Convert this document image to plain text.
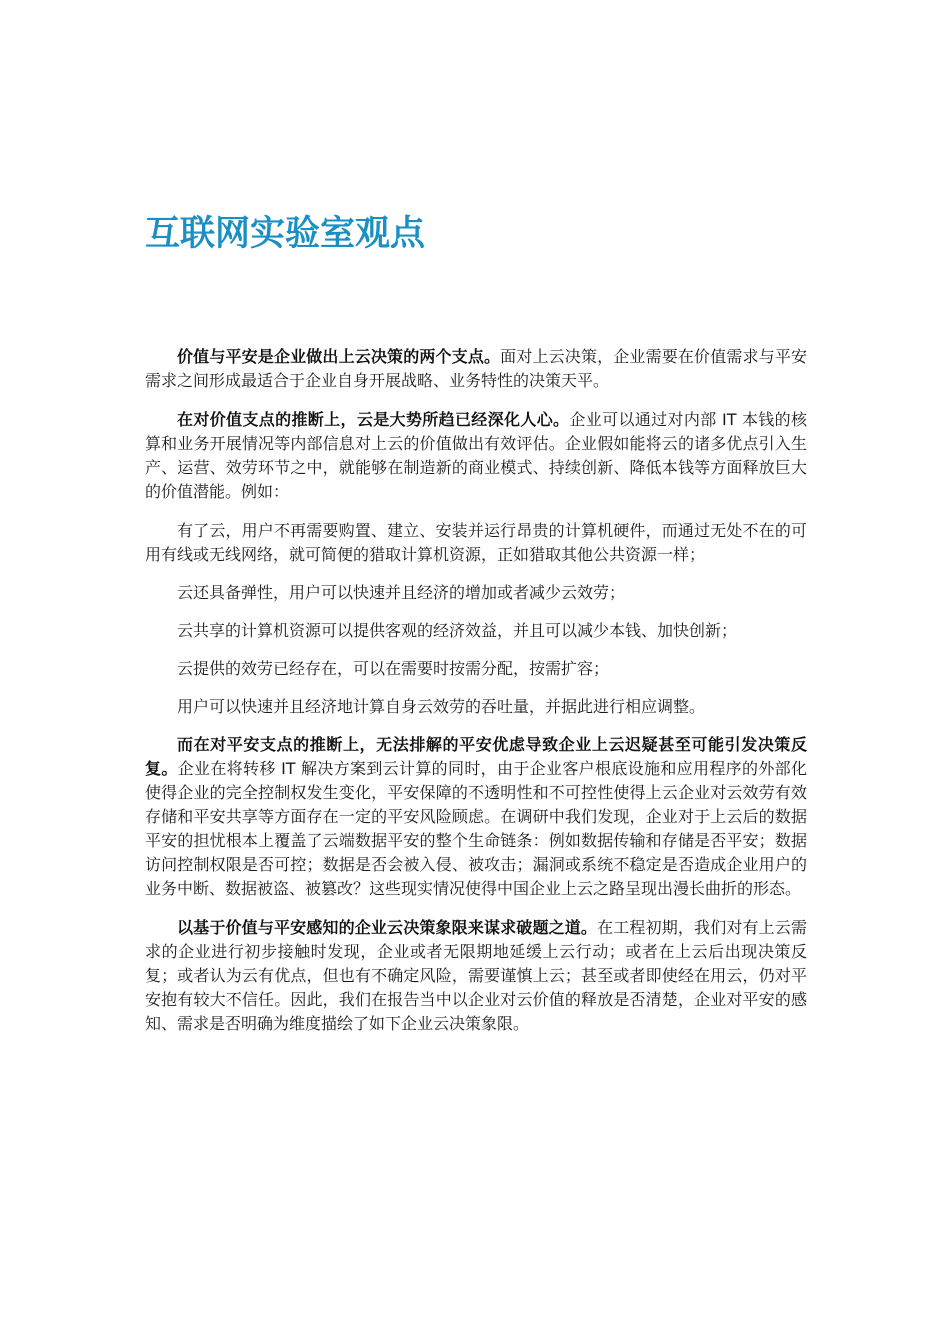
互联网实验室观点

价值与平安是企业做出上云决策的两个支点。面对上云决策，企业需要在价值需求与平安需求之间形成最适合于企业自身开展战略、业务特性的决策天平。

在对价值支点的推断上，云是大势所趋已经深化人心。企业可以通过对内部 IT 本钱的核算和业务开展情况等内部信息对上云的价值做出有效评估。企业假如能将云的诸多优点引入生产、运营、效劳环节之中，就能够在制造新的商业模式、持续创新、降低本钱等方面释放巨大的价值潜能。例如：

有了云，用户不再需要购置、建立、安装并运行昂贵的计算机硬件，而通过无处不在的可用有线或无线网络，就可简便的猎取计算机资源，正如猎取其他公共资源一样；

云还具备弹性，用户可以快速并且经济的增加或者减少云效劳；

云共享的计算机资源可以提供客观的经济效益，并且可以减少本钱、加快创新；

云提供的效劳已经存在，可以在需要时按需分配，按需扩容；

用户可以快速并且经济地计算自身云效劳的吞吐量，并据此进行相应调整。

而在对平安支点的推断上，无法排解的平安优虑导致企业上云迟疑甚至可能引发决策反复。企业在将转移 IT 解决方案到云计算的同时，由于企业客户根底设施和应用程序的外部化使得企业的完全控制权发生变化，平安保障的不透明性和不可控性使得上云企业对云效劳有效存储和平安共享等方面存在一定的平安风险顾虑。在调研中我们发现，企业对于上云后的数据平安的担忧根本上覆盖了云端数据平安的整个生命链条：例如数据传输和存储是否平安；数据访问控制权限是否可控；数据是否会被入侵、被攻击；漏洞或系统不稳定是否造成企业用户的业务中断、数据被盗、被篡改？这些现实情况使得中国企业上云之路呈现出漫长曲折的形态。

以基于价值与平安感知的企业云决策象限来谋求破题之道。在工程初期，我们对有上云需求的企业进行初步接触时发现，企业或者无限期地延缓上云行动；或者在上云后出现决策反复；或者认为云有优点，但也有不确定风险，需要谨慎上云；甚至或者即使经在用云，仍对平安抱有较大不信任。因此，我们在报告当中以企业对云价值的释放是否清楚，企业对平安的感知、需求是否明确为维度描绘了如下企业云决策象限。
